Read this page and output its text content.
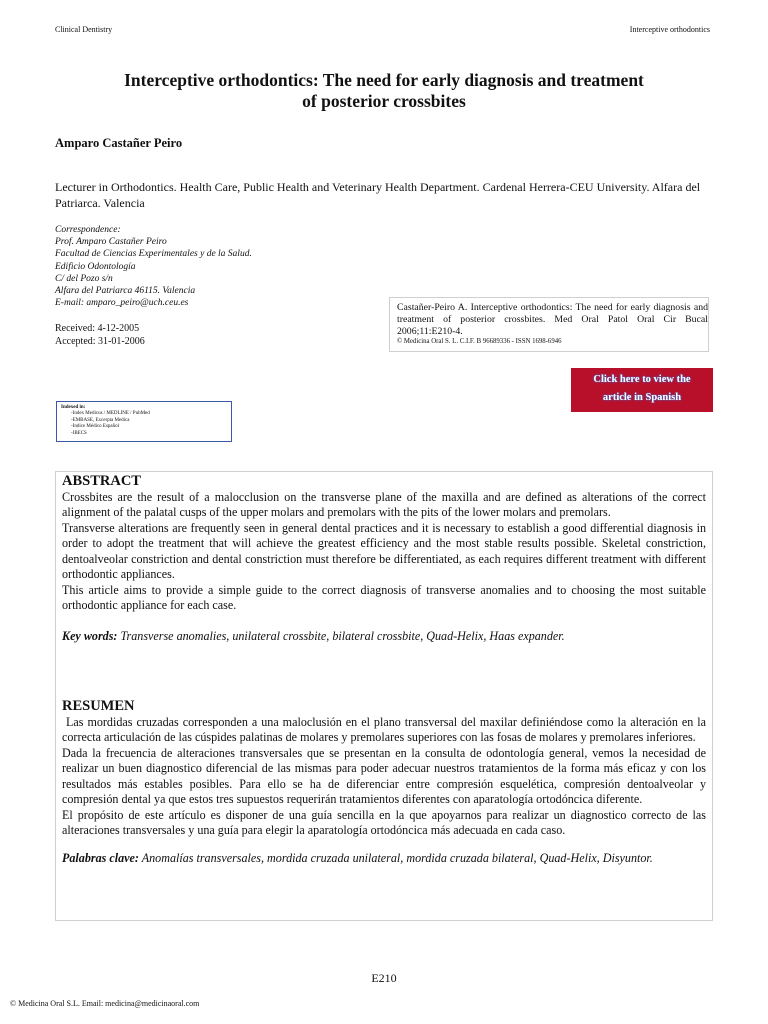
Clinical Dentistry	Interceptive orthodontics
Interceptive orthodontics: The need for early diagnosis and treatment
of posterior crossbites
Amparo Castañer Peiro
Lecturer in Orthodontics. Health Care, Public Health and Veterinary Health Department. Cardenal Herrera-CEU University. Alfara del Patriarca. Valencia
Correspondence:
Prof. Amparo Castañer Peiro
Facultad de Ciencias Experimentales y de la Salud.
Edificio Odontología
C/ del Pozo s/n
Alfara del Patriarca 46115. Valencia
E-mail: amparo_peiro@uch.ceu.es
Received: 4-12-2005
Accepted: 31-01-2006
Castañer-Peiro A. Interceptive orthodontics: The need for early diagnosis and treatment of posterior crossbites. Med Oral Patol Oral Cir Bucal 2006;11:E210-4.
© Medicina Oral S. L. C.I.F. B 96689336 - ISSN 1698-6946
Click here to view the
article in Spanish
Indexed in:
-Index Medicus / MEDLINE / PubMed
-EMBASE, Excerpta Medica
-Indice Médico Español
-IBECS
ABSTRACT
Crossbites are the result of a malocclusion on the transverse plane of the maxilla and are defined as alterations of the correct alignment of the palatal cusps of the upper molars and premolars with the pits of the lower molars and premolars.
Transverse alterations are frequently seen in general dental practices and it is necessary to establish a good differential diagnosis in order to adopt the treatment that will achieve the greatest efficiency and the most stable results possible. Skeletal constriction, dentoalveolar constriction and dental constriction must therefore be differentiated, as each requires different treatment with different orthodontic appliances.
This article aims to provide a simple guide to the correct diagnosis of transverse anomalies and to choosing the most suitable orthodontic appliance for each case.
Key words: Transverse anomalies, unilateral crossbite, bilateral crossbite, Quad-Helix, Haas expander.
RESUMEN
Las mordidas cruzadas corresponden a una maloclusión en el plano transversal del maxilar definiéndose como la alteración en la correcta articulación de las cúspides palatinas de molares y premolares superiores con las fosas de molares y premolares inferiores.
Dada la frecuencia de alteraciones transversales que se presentan en la consulta de odontología general, vemos la necesidad de realizar un buen diagnostico diferencial de las mismas para poder adecuar nuestros tratamientos de la forma más eficaz y con los resultados más estables posibles. Para ello se ha de diferenciar entre compresión esquelética, compresión dentoalveolar y compresión dental ya que estos tres supuestos requerirán tratamientos diferentes con aparatología ortodóncica diferente.
El propósito de este artículo es disponer de una guía sencilla en la que apoyarnos para realizar un diagnostico correcto de las alteraciones transversales y una guía para elegir la aparatología ortodóncica más adecuada en cada caso.
Palabras clave: Anomalías transversales, mordida cruzada unilateral, mordida cruzada bilateral, Quad-Helix, Disyuntor.
E210
© Medicina Oral S.L. Email: medicina@medicinaoral.com
